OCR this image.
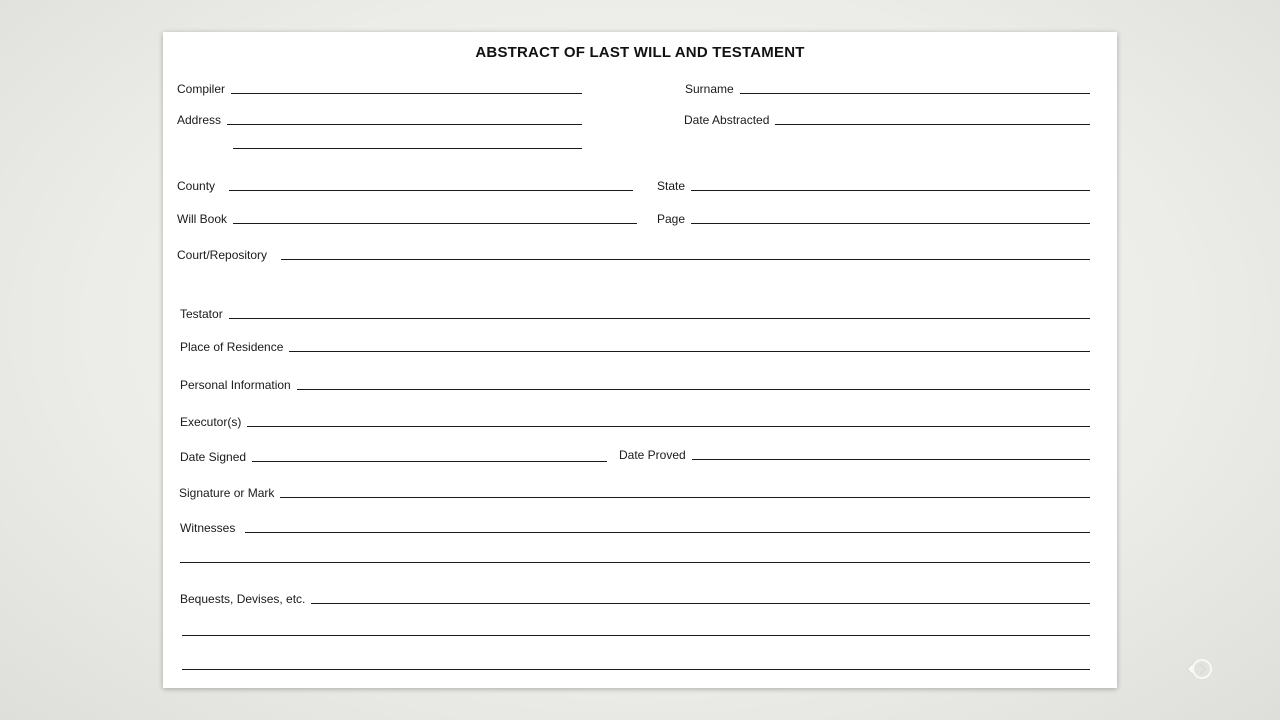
ABSTRACT OF LAST WILL AND TESTAMENT
Compiler	Surname
Address	Date Abstracted
County	State
Will Book	Page
Court/Repository
Testator
Place of Residence
Personal Information
Executor(s)
Date Signed	Date Proved
Signature or Mark
Witnesses
Bequests, Devises, etc.
